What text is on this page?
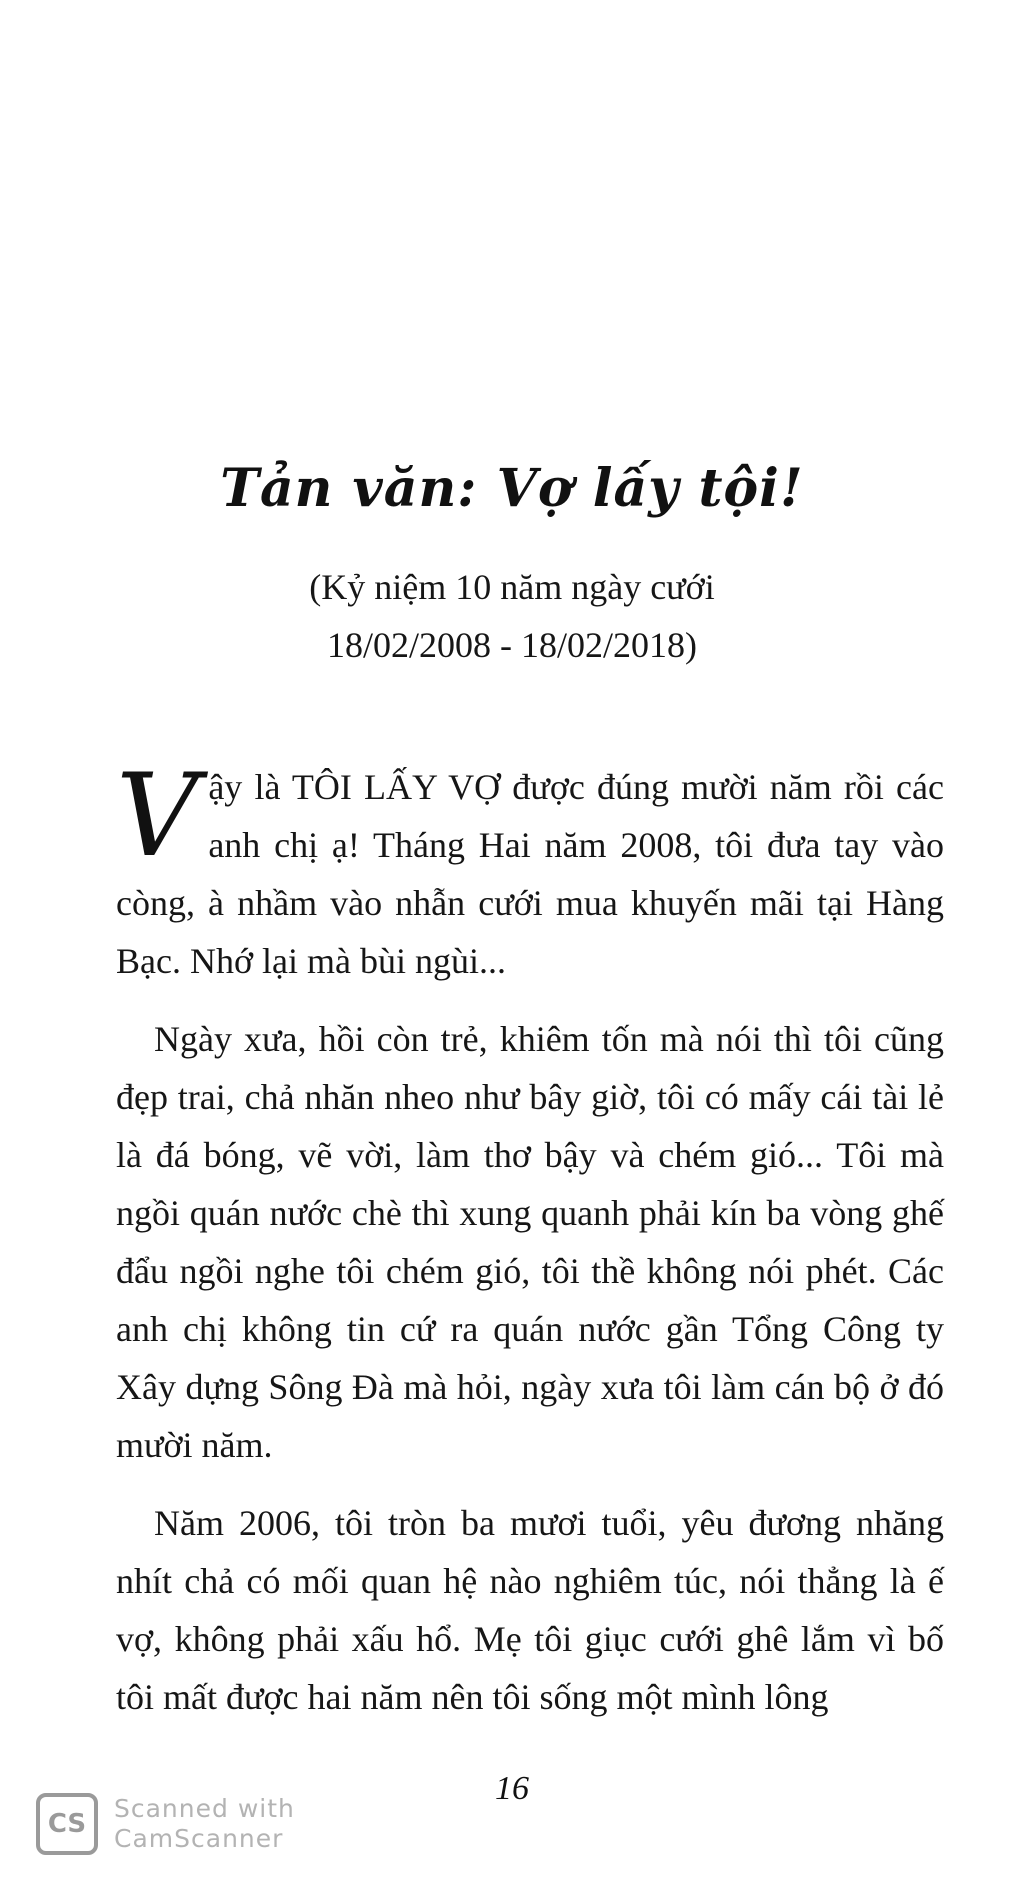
Tản văn: Vợ lấy tội!
(Kỷ niệm 10 năm ngày cưới
18/02/2008 - 18/02/2018)

Vậy là TÔI LẤY VỢ được đúng mười năm rồi các anh chị ạ! Tháng Hai năm 2008, tôi đưa tay vào còng, à nhầm vào nhẫn cưới mua khuyến mãi tại Hàng Bạc. Nhớ lại mà bùi ngùi...

Ngày xưa, hồi còn trẻ, khiêm tốn mà nói thì tôi cũng đẹp trai, chả nhăn nheo như bây giờ, tôi có mấy cái tài lẻ là đá bóng, vẽ vời, làm thơ bậy và chém gió... Tôi mà ngồi quán nước chè thì xung quanh phải kín ba vòng ghế đẩu ngồi nghe tôi chém gió, tôi thề không nói phét. Các anh chị không tin cứ ra quán nước gần Tổng Công ty Xây dựng Sông Đà mà hỏi, ngày xưa tôi làm cán bộ ở đó mười năm.

Năm 2006, tôi tròn ba mươi tuổi, yêu đương nhăng nhít chả có mối quan hệ nào nghiêm túc, nói thẳng là ế vợ, không phải xấu hổ. Mẹ tôi giục cưới ghê lắm vì bố tôi mất được hai năm nên tôi sống một mình lông

16
CS
Scanned with
CamScanner
